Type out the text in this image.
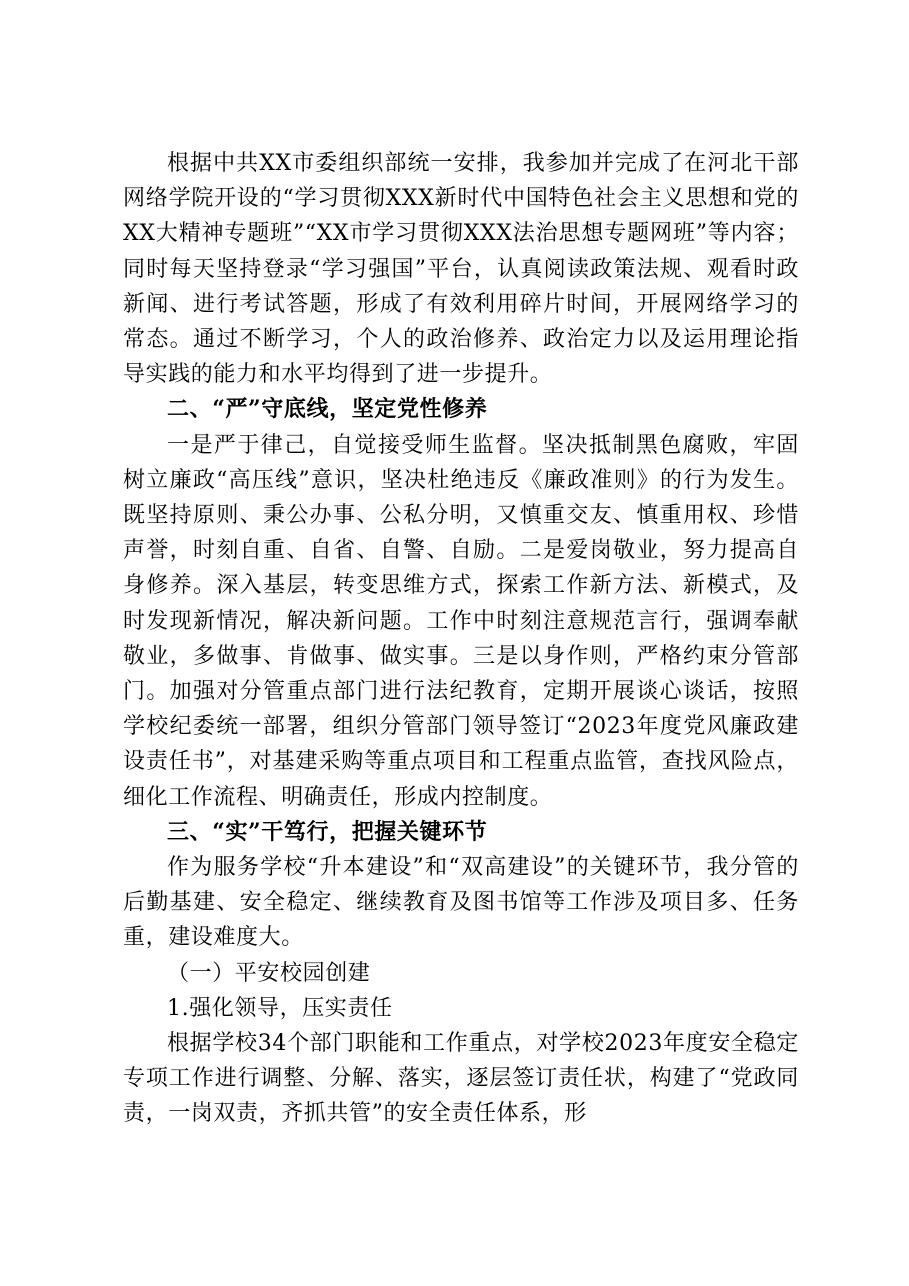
根据中共XX市委组织部统一安排，我参加并完成了在河北干部网络学院开设的“学习贯彻XXX新时代中国特色社会主义思想和党的XX大精神专题班”“XX市学习贯彻XXX法治思想专题网班”等内容；同时每天坚持登录“学习强国”平台，认真阅读政策法规、观看时政新闻、进行考试答题，形成了有效利用碎片时间，开展网络学习的常态。通过不断学习，个人的政治修养、政治定力以及运用理论指导实践的能力和水平均得到了进一步提升。

二、“严”守底线，坚定党性修养

一是严于律己，自觉接受师生监督。坚决抵制黑色腐败，牢固树立廉政“高压线”意识，坚决杜绝违反《廉政准则》的行为发生。既坚持原则、秉公办事、公私分明，又慎重交友、慎重用权、珍惜声誉，时刻自重、自省、自警、自励。二是爱岗敬业，努力提高自身修养。深入基层，转变思维方式，探索工作新方法、新模式，及时发现新情况，解决新问题。工作中时刻注意规范言行，强调奉献敬业，多做事、肯做事、做实事。三是以身作则，严格约束分管部门。加强对分管重点部门进行法纪教育，定期开展谈心谈话，按照学校纪委统一部署，组织分管部门领导签订“2023年度党风廉政建设责任书”，对基建采购等重点项目和工程重点监管，查找风险点，细化工作流程、明确责任，形成内控制度。

三、“实”干笃行，把握关键环节

作为服务学校“升本建设”和“双高建设”的关键环节，我分管的后勤基建、安全稳定、继续教育及图书馆等工作涉及项目多、任务重，建设难度大。

（一）平安校园创建

1.强化领导，压实责任

根据学校34个部门职能和工作重点，对学校2023年度安全稳定专项工作进行调整、分解、落实，逐层签订责任状，构建了“党政同责，一岗双责，齐抓共管”的安全责任体系，形
